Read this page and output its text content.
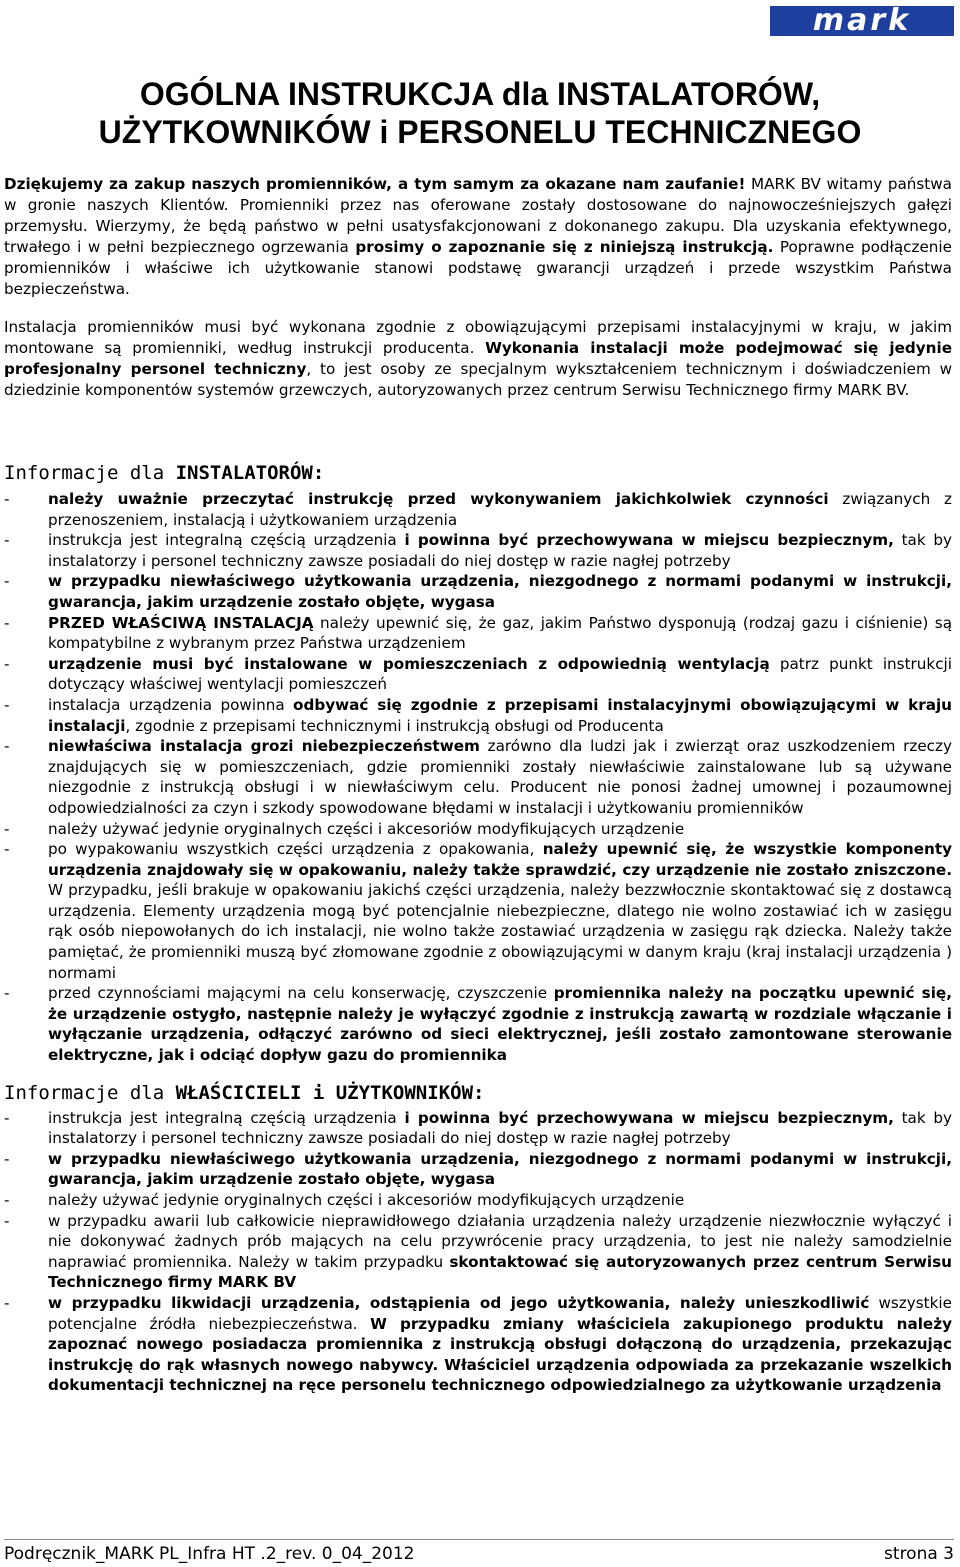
mark
OGÓLNA INSTRUKCJA dla INSTALATORÓW,
UŻYTKOWNIKÓW i PERSONELU TECHNICZNEGO

Dziękujemy za zakup naszych promienników, a tym samym za okazane nam zaufanie! MARK BV witamy państwa w gronie naszych Klientów. Promienniki przez nas oferowane zostały dostosowane do najnowocześniejszych gałęzi przemysłu. Wierzymy, że będą państwo w pełni usatysfakcjonowani z dokonanego zakupu. Dla uzyskania efektywnego, trwałego i w pełni bezpiecznego ogrzewania prosimy o zapoznanie się z niniejszą instrukcją. Poprawne podłączenie promienników i właściwe ich użytkowanie stanowi podstawę gwarancji urządzeń i przede wszystkim Państwa bezpieczeństwa.

Instalacja promienników musi być wykonana zgodnie z obowiązującymi przepisami instalacyjnymi w kraju, w jakim montowane są promienniki, według instrukcji producenta. Wykonania instalacji może podejmować się jedynie profesjonalny personel techniczny, to jest osoby ze specjalnym wykształceniem technicznym i doświadczeniem w dziedzinie komponentów systemów grzewczych, autoryzowanych przez centrum Serwisu Technicznego firmy MARK BV.

Informacje dla INSTALATORÓW:
-	należy uważnie przeczytać instrukcję przed wykonywaniem jakichkolwiek czynności związanych z przenoszeniem, instalacją i użytkowaniem urządzenia
-	instrukcja jest integralną częścią urządzenia i powinna być przechowywana w miejscu bezpiecznym, tak by instalatorzy i personel techniczny zawsze posiadali do niej dostęp w razie nagłej potrzeby
-	w przypadku niewłaściwego użytkowania urządzenia, niezgodnego z normami podanymi w instrukcji, gwarancja, jakim urządzenie zostało objęte, wygasa
-	PRZED WŁAŚCIWĄ INSTALACJĄ należy upewnić się, że gaz, jakim Państwo dysponują (rodzaj gazu i ciśnienie) są kompatybilne z wybranym przez Państwa urządzeniem
-	urządzenie musi być instalowane w pomieszczeniach z odpowiednią wentylacją patrz punkt instrukcji dotyczący właściwej wentylacji pomieszczeń
-	instalacja urządzenia powinna odbywać się zgodnie z przepisami instalacyjnymi obowiązującymi w kraju instalacji, zgodnie z przepisami technicznymi i instrukcją obsługi od Producenta
-	niewłaściwa instalacja grozi niebezpieczeństwem zarówno dla ludzi jak i zwierząt oraz uszkodzeniem rzeczy znajdujących się w pomieszczeniach, gdzie promienniki zostały niewłaściwie zainstalowane lub są używane niezgodnie z instrukcją obsługi i w niewłaściwym celu. Producent nie ponosi żadnej umownej i pozaumownej odpowiedzialności za czyn i szkody spowodowane błędami w instalacji i użytkowaniu promienników
-	należy używać jedynie oryginalnych części i akcesoriów modyfikujących urządzenie
-	po wypakowaniu wszystkich części urządzenia z opakowania, należy upewnić się, że wszystkie komponenty urządzenia znajdowały się w opakowaniu, należy także sprawdzić, czy urządzenie nie zostało zniszczone. W przypadku, jeśli brakuje w opakowaniu jakichś części urządzenia, należy bezzwłocznie skontaktować się z dostawcą urządzenia. Elementy urządzenia mogą być potencjalnie niebezpieczne, dlatego nie wolno zostawiać ich w zasięgu rąk osób niepowołanych do ich instalacji, nie wolno także zostawiać urządzenia w zasięgu rąk dziecka. Należy także pamiętać, że promienniki muszą być złomowane zgodnie z obowiązującymi w danym kraju (kraj instalacji urządzenia ) normami
-	przed czynnościami mającymi na celu konserwację, czyszczenie promiennika należy na początku upewnić się, że urządzenie ostygło, następnie należy je wyłączyć zgodnie z instrukcją zawartą w rozdziale włączanie i wyłączanie urządzenia, odłączyć zarówno od sieci elektrycznej, jeśli zostało zamontowane sterowanie elektryczne, jak i odciąć dopływ gazu do promiennika
Informacje dla WŁAŚCICIELI i UŻYTKOWNIKÓW:
-	instrukcja jest integralną częścią urządzenia i powinna być przechowywana w miejscu bezpiecznym, tak by instalatorzy i personel techniczny zawsze posiadali do niej dostęp w razie nagłej potrzeby
-	w przypadku niewłaściwego użytkowania urządzenia, niezgodnego z normami podanymi w instrukcji, gwarancja, jakim urządzenie zostało objęte, wygasa
-	należy używać jedynie oryginalnych części i akcesoriów modyfikujących urządzenie
-	w przypadku awarii lub całkowicie nieprawidłowego działania urządzenia należy urządzenie niezwłocznie wyłączyć i nie dokonywać żadnych prób mających na celu przywrócenie pracy urządzenia, to jest nie należy samodzielnie naprawiać promiennika. Należy w takim przypadku skontaktować się autoryzowanych przez centrum Serwisu Technicznego firmy MARK BV
-	w przypadku likwidacji urządzenia, odstąpienia od jego użytkowania, należy unieszkodliwić wszystkie potencjalne źródła niebezpieczeństwa. W przypadku zmiany właściciela zakupionego produktu należy zapoznać nowego posiadacza promiennika z instrukcją obsługi dołączoną do urządzenia, przekazując instrukcję do rąk własnych nowego nabywcy. Właściciel urządzenia odpowiada za przekazanie wszelkich dokumentacji technicznej na ręce personelu technicznego odpowiedzialnego za użytkowanie urządzenia
Podręcznik_MARK PL_Infra HT .2_rev. 0_04_2012	strona 3
